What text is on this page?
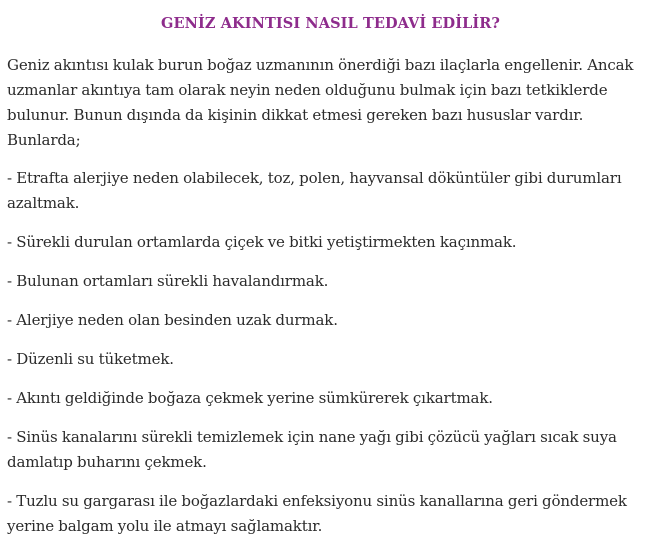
GENİZ AKINTISI NASIL TEDAVİ EDİLİR?

Geniz akıntısı kulak burun boğaz uzmanının önerdiği bazı ilaçlarla engellenir. Ancak uzmanlar akıntıya tam olarak neyin neden olduğunu bulmak için bazı tetkiklerde bulunur. Bunun dışında da kişinin dikkat etmesi gereken bazı hususlar vardır. Bunlarda;

- Etrafta alerjiye neden olabilecek, toz, polen, hayvansal döküntüler gibi durumları azaltmak.

- Sürekli durulan ortamlarda çiçek ve bitki yetiştirmekten kaçınmak.

- Bulunan ortamları sürekli havalandırmak.

- Alerjiye neden olan besinden uzak durmak.

- Düzenli su tüketmek.

- Akıntı geldiğinde boğaza çekmek yerine sümkürerek çıkartmak.

- Sinüs kanalarını sürekli temizlemek için nane yağı gibi çözücü yağları sıcak suya damlatıp buharını çekmek.

- Tuzlu su gargarası ile boğazlardaki enfeksiyonu sinüs kanallarına geri göndermek yerine balgam yolu ile atmayı sağlamaktır.
